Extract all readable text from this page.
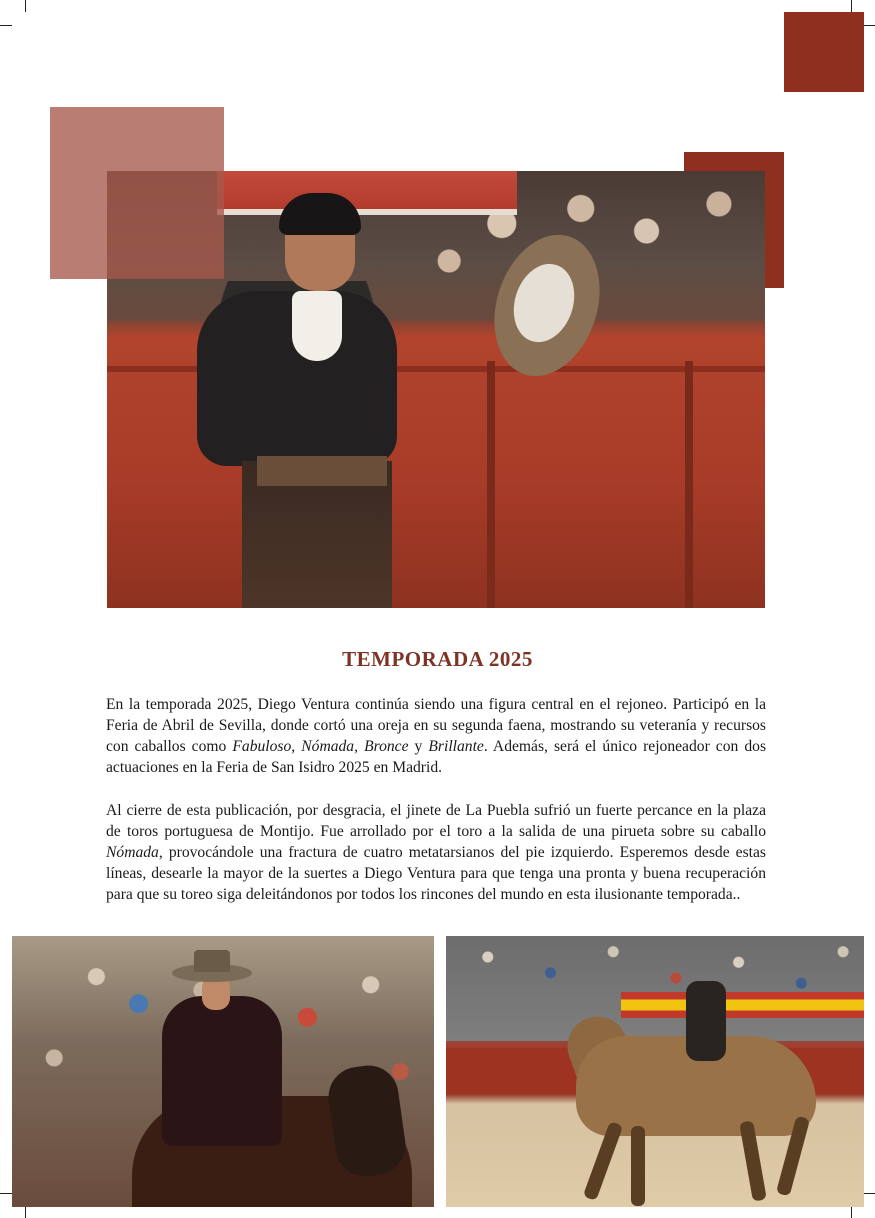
TEMPORADA 2025

En la temporada 2025, Diego Ventura continúa siendo una figura central en el rejoneo. Participó en la Feria de Abril de Sevilla, donde cortó una oreja en su segunda faena, mostrando su veteranía y recursos con caballos como Fabuloso, Nómada, Bronce y Brillante. Además, será el único rejoneador con dos actuaciones en la Feria de San Isidro 2025 en Madrid.

Al cierre de esta publicación, por desgracia, el jinete de La Puebla sufrió un fuerte percance en la plaza de toros portuguesa de Montijo. Fue arrollado por el toro a la salida de una pirueta sobre su caballo Nómada, provocándole una fractura de cuatro metatarsianos del pie izquierdo. Esperemos desde estas líneas, desearle la mayor de la suertes a Diego Ventura para que tenga una pronta y buena recuperación para que su toreo siga deleitándonos por todos los rincones del mundo en esta ilusionante temporada..
